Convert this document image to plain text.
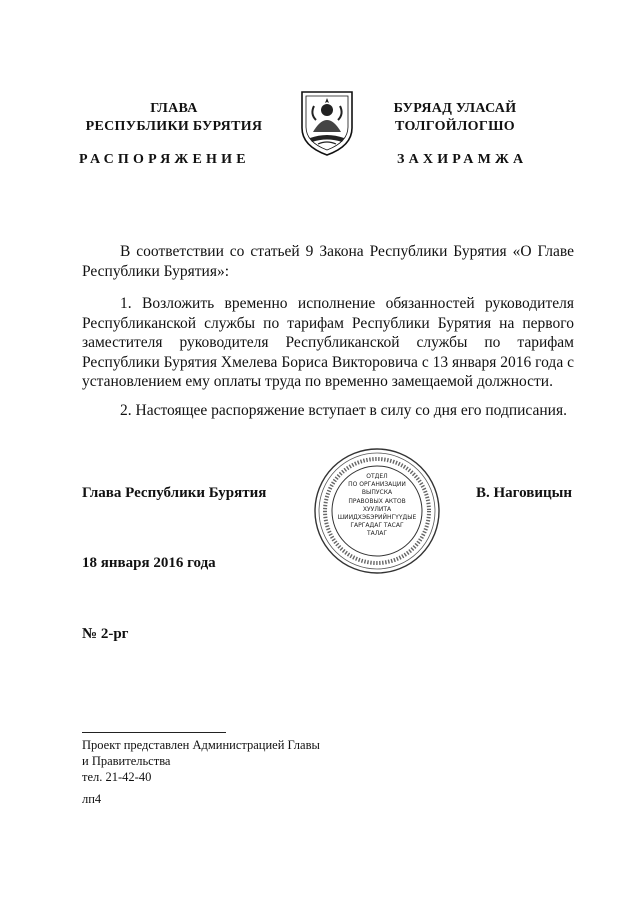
ГЛАВА
РЕСПУБЛИКИ БУРЯТИЯ
БУРЯАД УЛАСАЙ
ТОЛГОЙЛОГШО
РАСПОРЯЖЕНИЕ	ЗАХИРАМЖА
В соответствии со статьей 9 Закона Республики Бурятия «О Главе Республики Бурятия»:
1. Возложить временно исполнение обязанностей руководителя Республиканской службы по тарифам Республики Бурятия на первого заместителя руководителя Республиканской службы по тарифам Республики Бурятия Хмелева Бориса Викторовича с 13 января 2016 года с установлением ему оплаты труда по временно замещаемой должности.
2. Настоящее распоряжение вступает в силу со дня его подписания.
Глава Республики Бурятия	В. Наговицын
ОТДЕЛ
ПО ОРГАНИЗАЦИИ
ВЫПУСКА
ПРАВОВЫХ АКТОВ
ХУУЛИТА
ШИИДХЭБЭРИЙНГҮҮДЫЕ
ГАРГАДАГ ТАСАГ
ТАЛАГ
18 января 2016 года
№ 2-рг
Проект представлен Администрацией Главы
и Правительства
тел. 21-42-40
лп4
